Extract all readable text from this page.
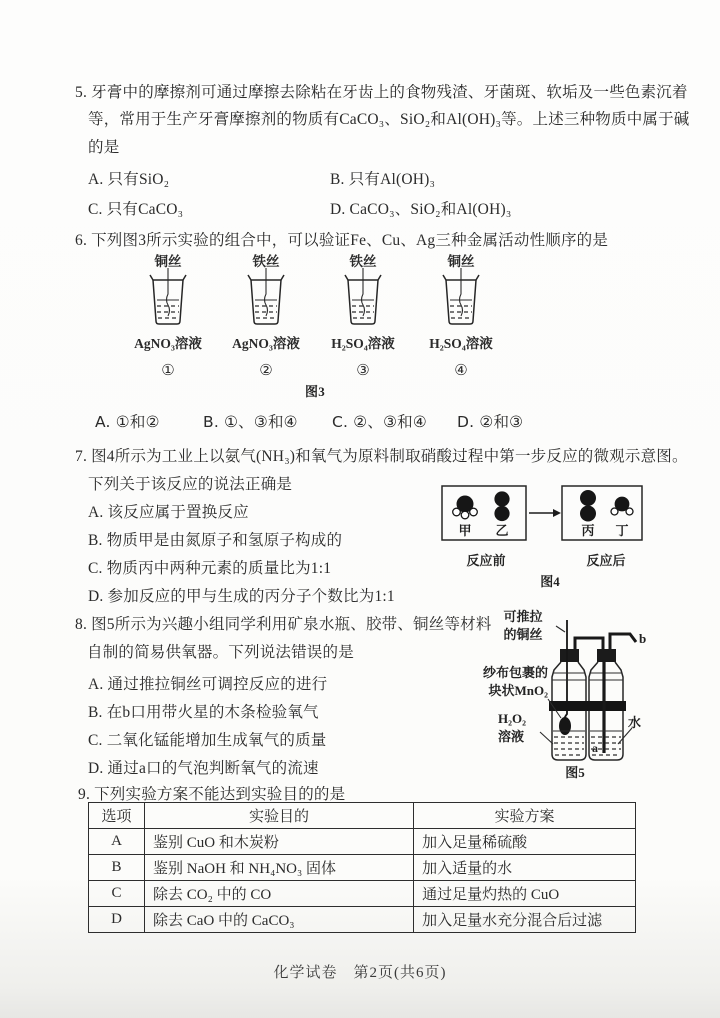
5. 牙膏中的摩擦剂可通过摩擦去除粘在牙齿上的食物残渣、牙菌斑、软垢及一些色素沉着
等，常用于生产牙膏摩擦剂的物质有CaCO₃、SiO₂和Al(OH)₃等。上述三种物质中属于碱
的是
A. 只有SiO₂	B. 只有Al(OH)₃
C. 只有CaCO₃	D. CaCO₃、SiO₂和Al(OH)₃
6. 下列图3所示实验的组合中，可以验证Fe、Cu、Ag三种金属活动性顺序的是
铜丝
AgNO₃溶液
①
铁丝
AgNO₃溶液
②
铁丝
H₂SO₄溶液
③
铜丝
H₂SO₄溶液
④
图3
A. ①和②	B. ①、③和④ C. ②、③和④ D. ②和③
7. 图4所示为工业上以氨气(NH₃)和氧气为原料制取硝酸过程中第一步反应的微观示意图。
下列关于该反应的说法正确是
A. 该反应属于置换反应
B. 物质甲是由氮原子和氢原子构成的
C. 物质丙中两种元素的质量比为1:1
D. 参加反应的甲与生成的丙分子个数比为1:1
甲 乙	丙 丁
反应前	反应后
图4
8. 图5所示为兴趣小组同学利用矿泉水瓶、胶带、铜丝等材料
自制的简易供氧器。下列说法错误的是
A. 通过推拉铜丝可调控反应的进行
B. 在b口用带火星的木条检验氧气
C. 二氧化锰能增加生成氧气的质量
D. 通过a口的气泡判断氧气的流速
可推拉
的铜丝	b
纱布包裹的
块状MnO₂
H₂O₂
溶液
水
a
图5
9. 下列实验方案不能达到实验目的的是
选项	实验目的	实验方案
A	鉴别 CuO 和木炭粉	加入足量稀硫酸
B	鉴别 NaOH 和 NH₄NO₃ 固体	加入适量的水
C	除去 CO₂ 中的 CO	通过足量灼热的 CuO
D	除去 CaO 中的 CaCO₃	加入足量水充分混合后过滤
化学试卷　第2页(共6页)
